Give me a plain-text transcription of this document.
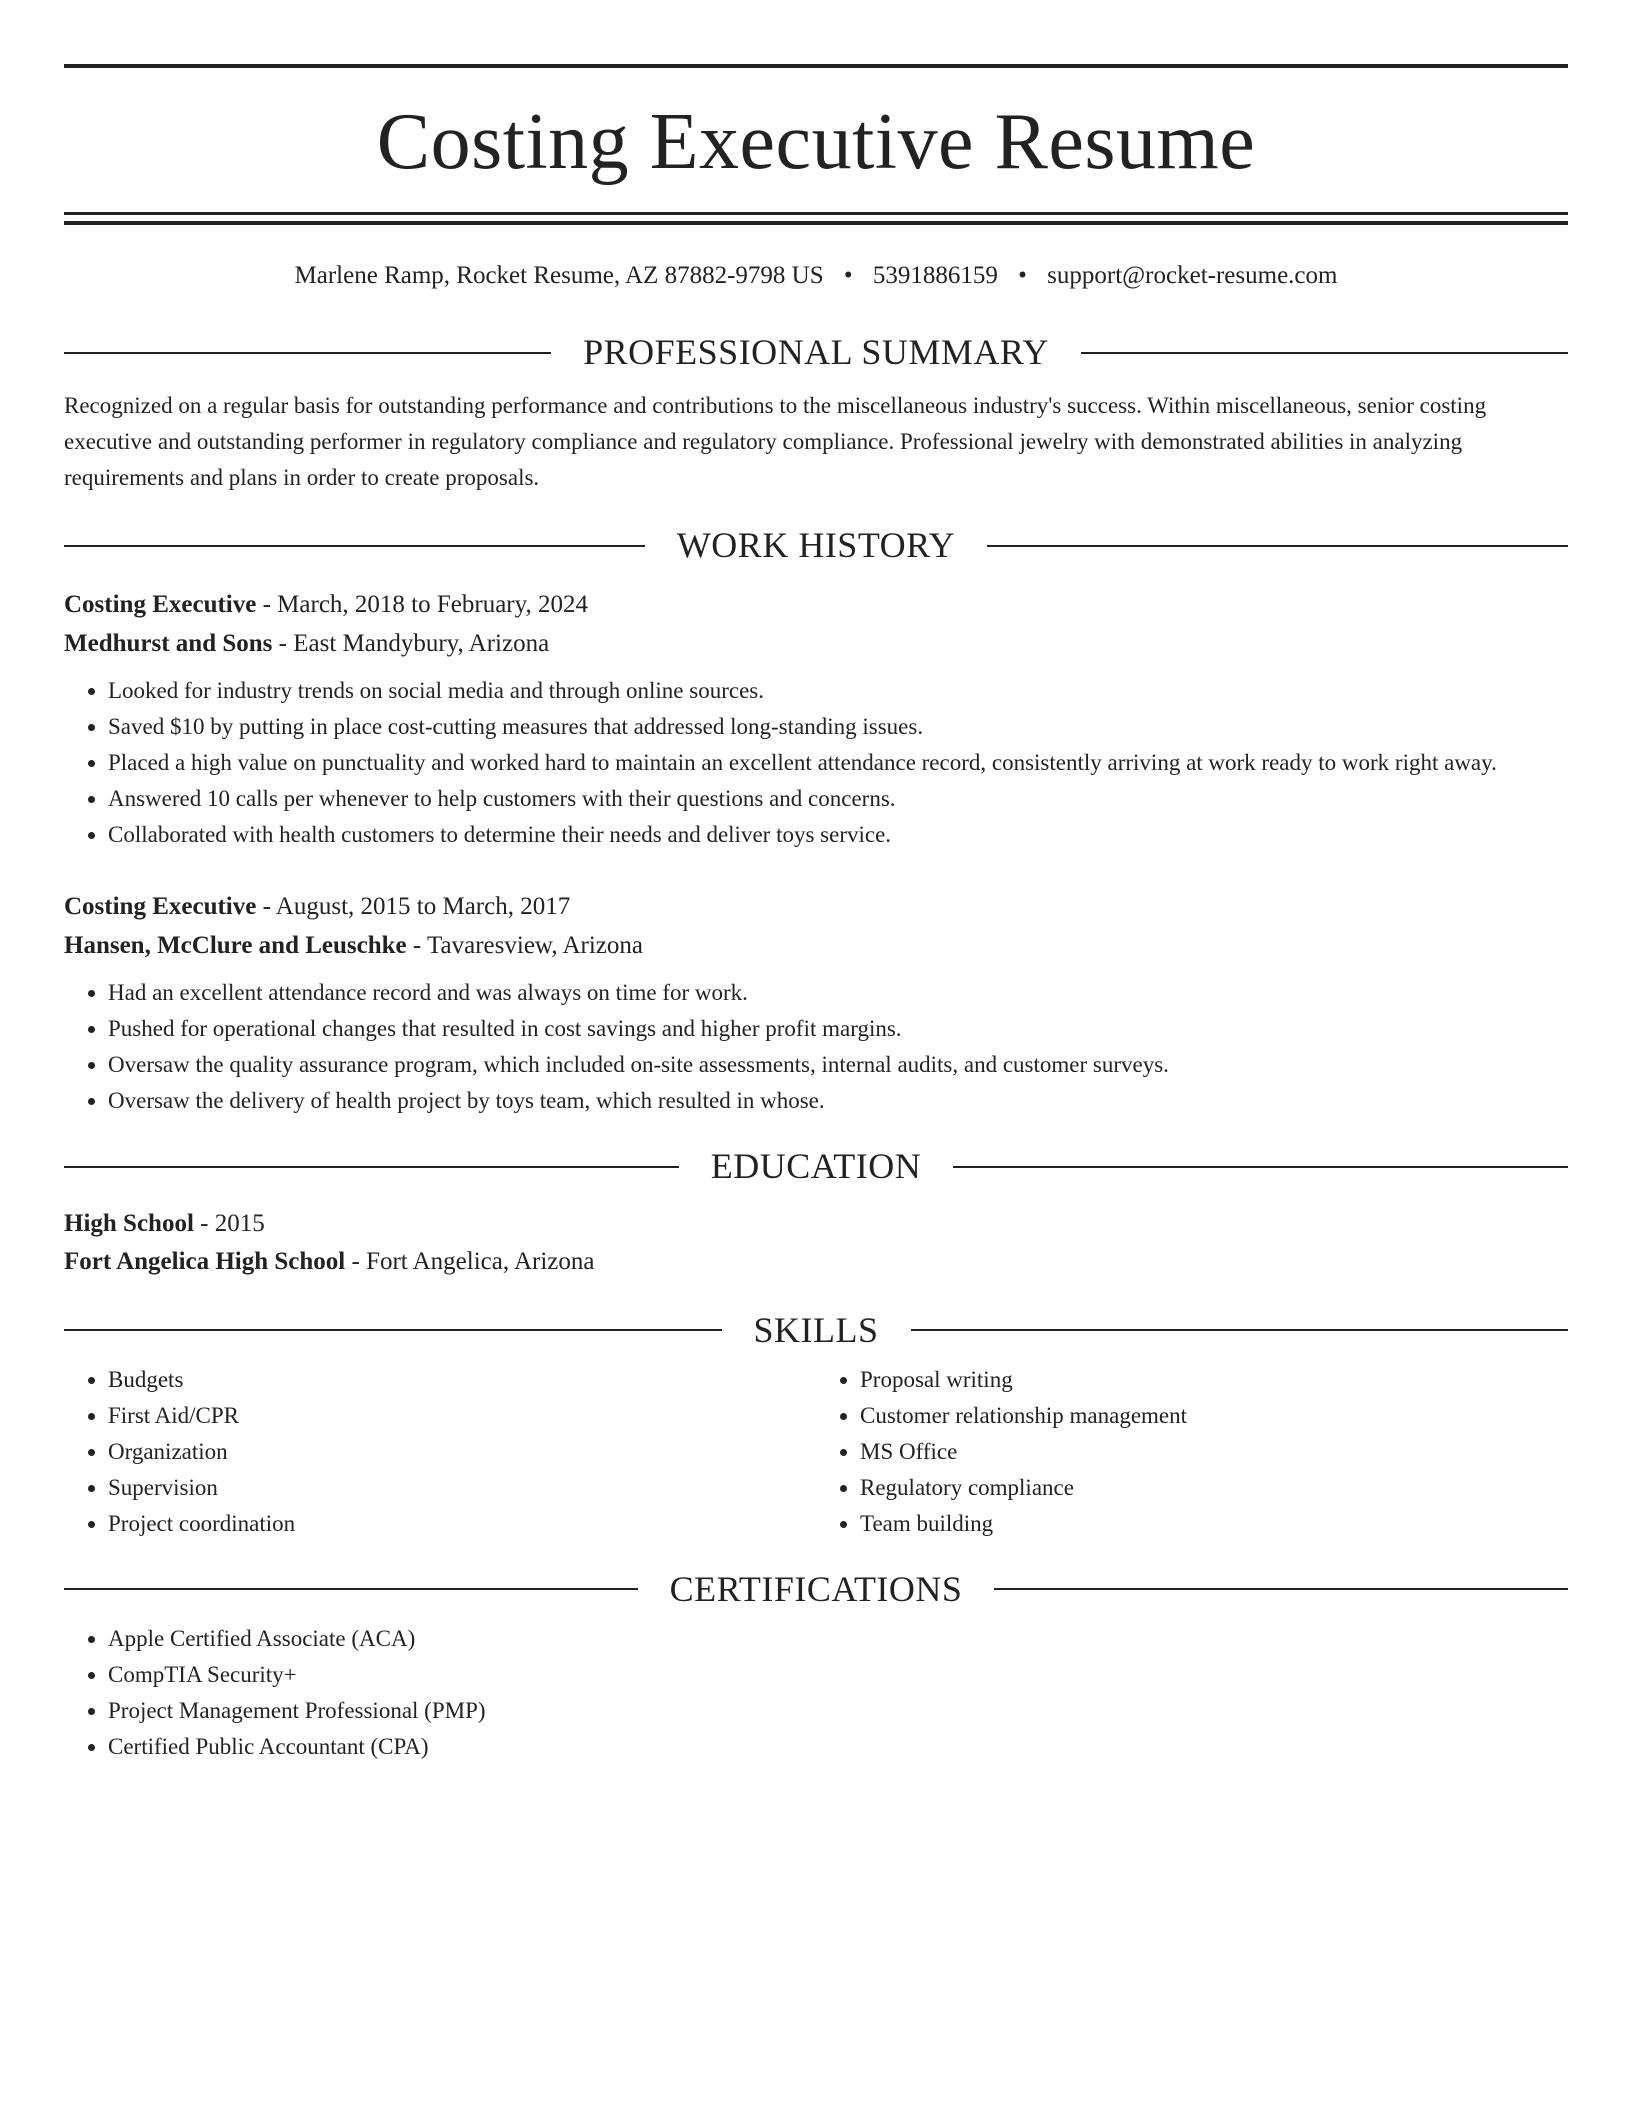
Costing Executive Resume
Marlene Ramp, Rocket Resume, AZ 87882-9798 US • 5391886159 • support@rocket-resume.com
PROFESSIONAL SUMMARY

Recognized on a regular basis for outstanding performance and contributions to the miscellaneous industry's success. Within miscellaneous, senior costing executive and outstanding performer in regulatory compliance and regulatory compliance. Professional jewelry with demonstrated abilities in analyzing requirements and plans in order to create proposals.

WORK HISTORY
Costing Executive - March, 2018 to February, 2024
Medhurst and Sons - East Mandybury, Arizona
• Looked for industry trends on social media and through online sources.
• Saved $10 by putting in place cost-cutting measures that addressed long-standing issues.
• Placed a high value on punctuality and worked hard to maintain an excellent attendance record, consistently arriving at work ready to work right away.
• Answered 10 calls per whenever to help customers with their questions and concerns.
• Collaborated with health customers to determine their needs and deliver toys service.
Costing Executive - August, 2015 to March, 2017
Hansen, McClure and Leuschke - Tavaresview, Arizona
• Had an excellent attendance record and was always on time for work.
• Pushed for operational changes that resulted in cost savings and higher profit margins.
• Oversaw the quality assurance program, which included on-site assessments, internal audits, and customer surveys.
• Oversaw the delivery of health project by toys team, which resulted in whose.
EDUCATION
High School - 2015
Fort Angelica High School - Fort Angelica, Arizona
SKILLS
• Budgets
• First Aid/CPR
• Organization
• Supervision
• Project coordination
• Proposal writing
• Customer relationship management
• MS Office
• Regulatory compliance
• Team building
CERTIFICATIONS
• Apple Certified Associate (ACA)
• CompTIA Security+
• Project Management Professional (PMP)
• Certified Public Accountant (CPA)
